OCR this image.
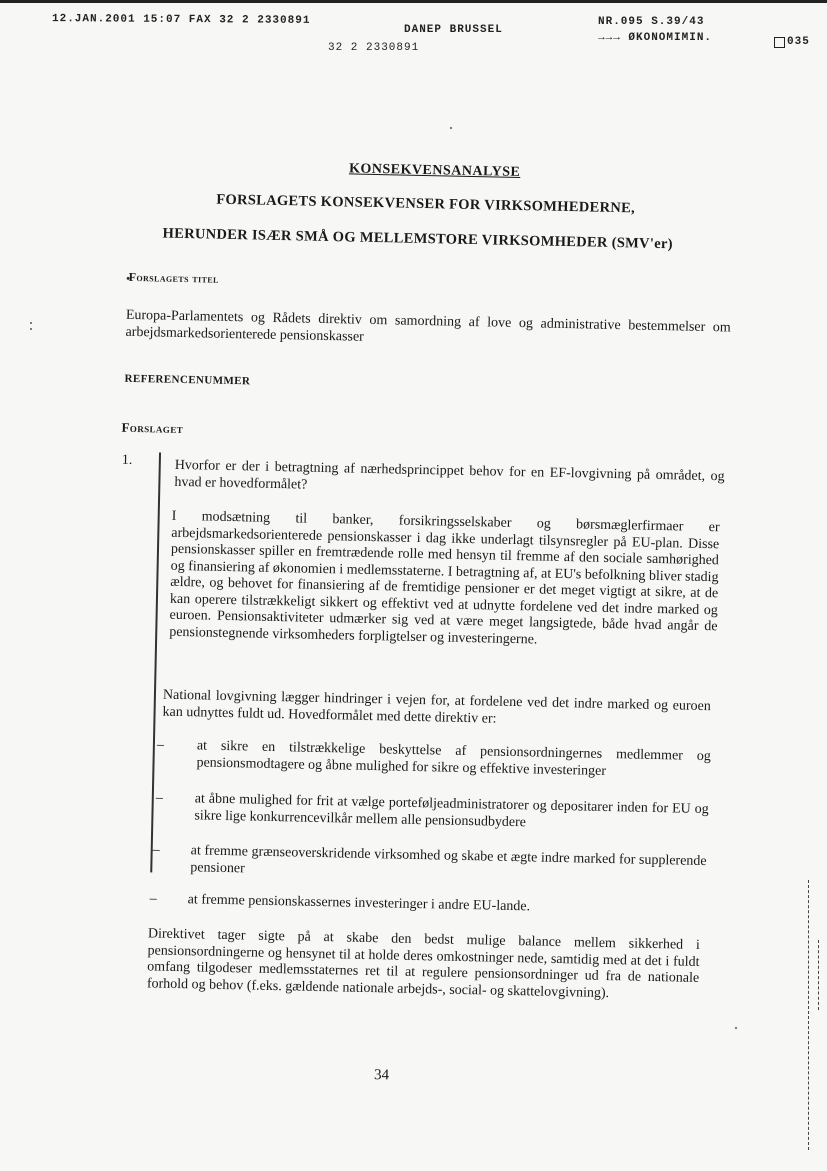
12.JAN.2001 15:07 FAX 32 2 2330891
DANEP BRUSSEL
32 2 2330891
NR.095 S.39/43
→→→ ØKONOMIMIN.	035
KONSEKVENSANALYSE
FORSLAGETS KONSEKVENSER FOR VIRKSOMHEDERNE,
HERUNDER ISÆR SMÅ OG MELLEMSTORE VIRKSOMHEDER (SMV'er)
Forslagets titel
Europa-Parlamentets og Rådets direktiv om samordning af love og administrative bestemmelser om arbejdsmarkedsorienterede pensionskasser
REFERENCENUMMER
Forslaget
1.	Hvorfor er der i betragtning af nærhedsprincippet behov for en EF-lovgivning på området, og hvad er hovedformålet?
I modsætning til banker, forsikringsselskaber og børsmæglerfirmaer er arbejdsmarkedsorienterede pensionskasser i dag ikke underlagt tilsynsregler på EU-plan. Disse pensionskasser spiller en fremtrædende rolle med hensyn til fremme af den sociale samhørighed og finansiering af økonomien i medlemsstaterne. I betragtning af, at EU's befolkning bliver stadig ældre, og behovet for finansiering af de fremtidige pensioner er det meget vigtigt at sikre, at de kan operere tilstrækkeligt sikkert og effektivt ved at udnytte fordelene ved det indre marked og euroen. Pensionsaktiviteter udmærker sig ved at være meget langsigtede, både hvad angår de pensionstegnende virksomheders forpligtelser og investeringerne.
National lovgivning lægger hindringer i vejen for, at fordelene ved det indre marked og euroen kan udnyttes fuldt ud. Hovedformålet med dette direktiv er:
– at sikre en tilstrækkelige beskyttelse af pensionsordningernes medlemmer og pensionsmodtagere og åbne mulighed for sikre og effektive investeringer
– at åbne mulighed for frit at vælge porteføljeadministratorer og depositarer inden for EU og sikre lige konkurrencevilkår mellem alle pensionsudbydere
– at fremme grænseoverskridende virksomhed og skabe et ægte indre marked for supplerende pensioner
– at fremme pensionskassernes investeringer i andre EU-lande.
Direktivet tager sigte på at skabe den bedst mulige balance mellem sikkerhed i pensionsordningerne og hensynet til at holde deres omkostninger nede, samtidig med at det i fuldt omfang tilgodeser medlemsstaternes ret til at regulere pensionsordninger ud fra de nationale forhold og behov (f.eks. gældende nationale arbejds-, social- og skattelovgivning).
34
